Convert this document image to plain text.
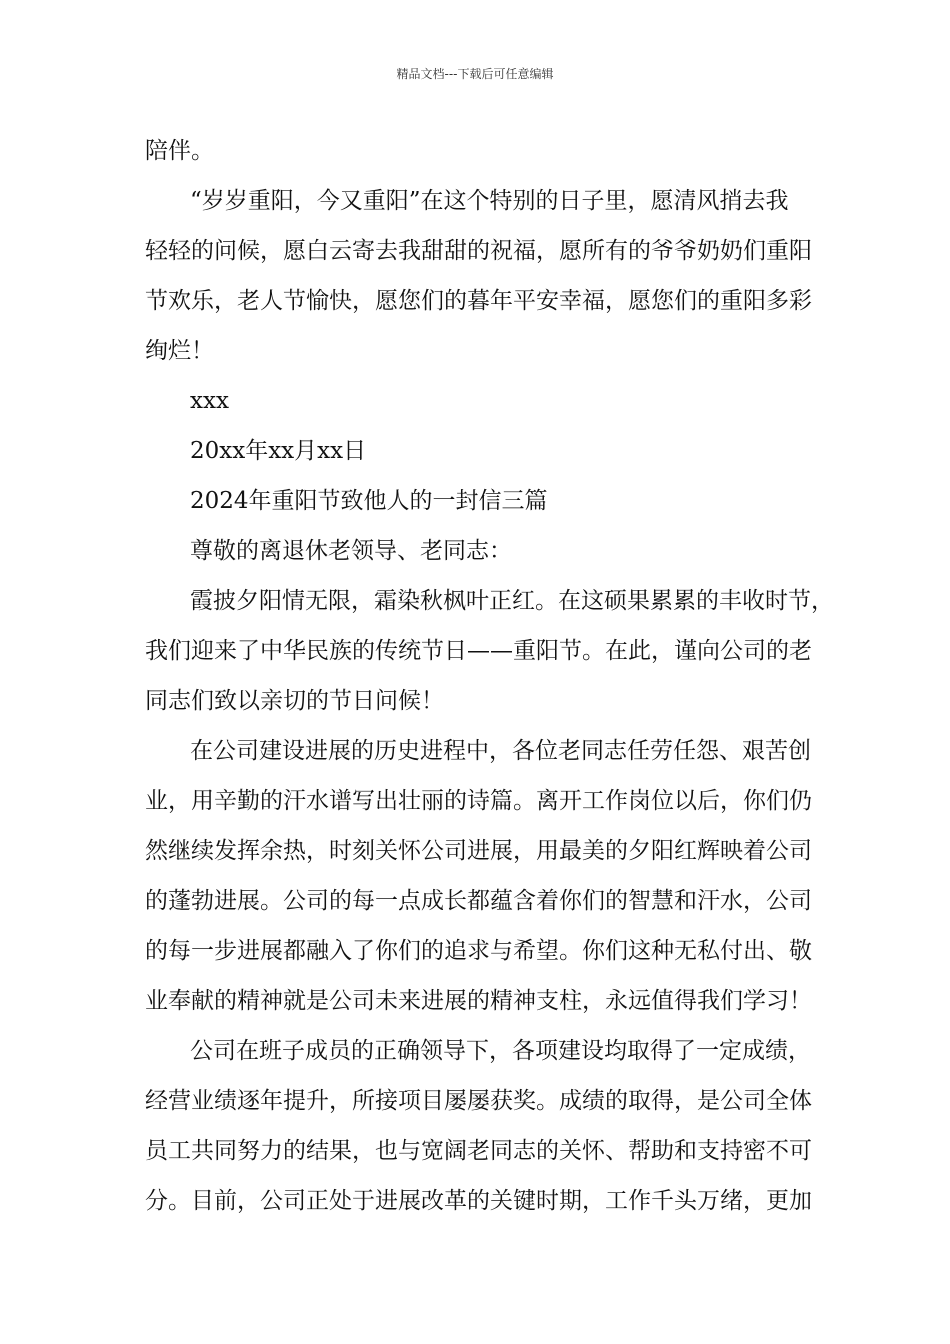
精品文档---下载后可任意编辑
陪伴。
“岁岁重阳，今又重阳”在这个特别的日子里，愿清风捎去我
轻轻的问候，愿白云寄去我甜甜的祝福，愿所有的爷爷奶奶们重阳
节欢乐，老人节愉快，愿您们的暮年平安幸福，愿您们的重阳多彩
绚烂！
xxx
20xx年xx月xx日
2024年重阳节致他人的一封信三篇
尊敬的离退休老领导、老同志：
霞披夕阳情无限，霜染秋枫叶正红。在这硕果累累的丰收时节，
我们迎来了中华民族的传统节日——重阳节。在此，谨向公司的老
同志们致以亲切的节日问候！
在公司建设进展的历史进程中，各位老同志任劳任怨、艰苦创
业，用辛勤的汗水谱写出壮丽的诗篇。离开工作岗位以后，你们仍
然继续发挥余热，时刻关怀公司进展，用最美的夕阳红辉映着公司
的蓬勃进展。公司的每一点成长都蕴含着你们的智慧和汗水，公司
的每一步进展都融入了你们的追求与希望。你们这种无私付出、敬
业奉献的精神就是公司未来进展的精神支柱，永远值得我们学习！
公司在班子成员的正确领导下，各项建设均取得了一定成绩，
经营业绩逐年提升，所接项目屡屡获奖。成绩的取得，是公司全体
员工共同努力的结果，也与宽阔老同志的关怀、帮助和支持密不可
分。目前，公司正处于进展改革的关键时期，工作千头万绪，更加
